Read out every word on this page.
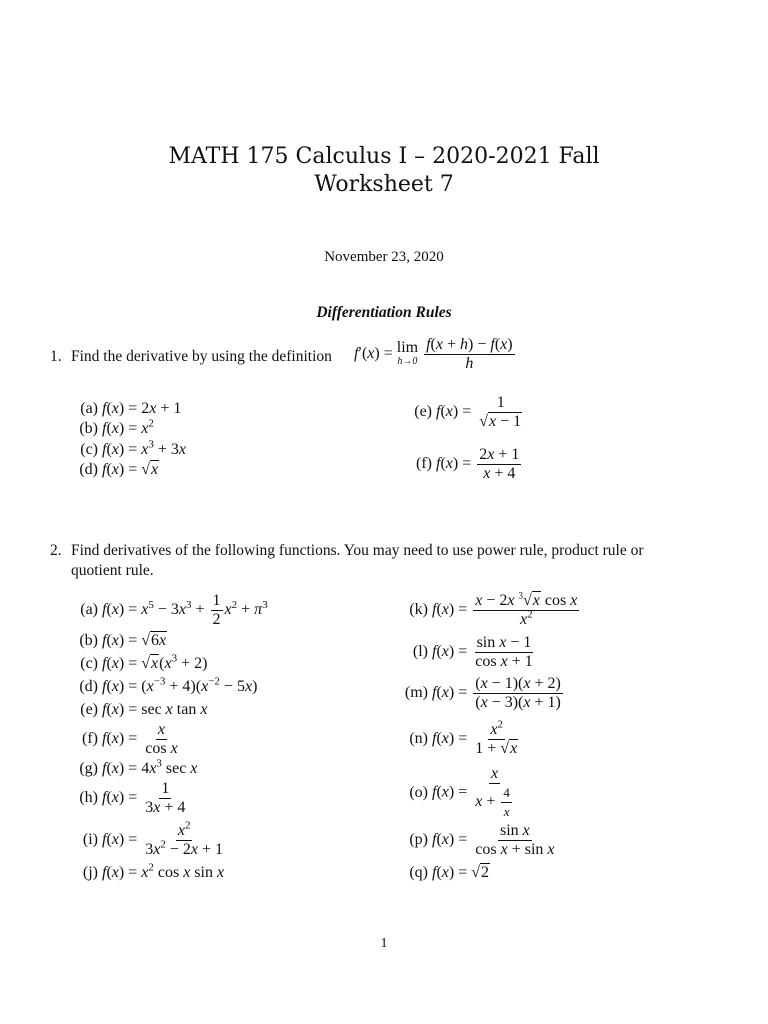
MATH 175 Calculus I – 2020-2021 Fall
Worksheet 7
November 23, 2020
Differentiation Rules
1. Find the derivative by using the definition f′(x) = lim
h→0
$\frac{f(x + h) - f(x)}{h}$
(a) f(x) = 2x + 1
(b) $f(x) = x^2$
(c) $f(x) = x^3 + 3x$
(d) f(x) = √x
(e) $f(x) = \frac{1}{√x - 1}$
(f) $f(x) = \frac{2x + 1}{x + 4}$
2. Find derivatives of the following functions. You may need to use power rule, product rule or
quotient rule.
(a) $f(x) = x^5 - 3x^3 + \frac{1}{2} x^2 + \pi^3$
(b) f(x) = √6x
(c) $f(x) = √x(x^3 + 2)$
(d) $f(x) = (x^{-3} + 4)(x^{-2} - 5x)$
(e) f(x) = sec x tan x
(f) $f(x) = \frac{x}{\text{cos x}}$
(g) $f(x) = 4x^3$ sec x
(h) $f(x) = \frac{1}{3x + 4}$
(i) $f(x) = \frac{x^2}{3x^2 - 2x + 1}$
(j) $f(x) = x^2$ cos x sin x
(k) $f(x) = \frac{x - 2x ^3√x \cos x}{x^2}$
(l) $f(x) = \frac{\text{sin x − 1}}{\text{cos x + 1}}$
(m) $f(x) = \frac{(x - 1)(x + 2)}{(x - 3)(x + 1)}$
(n) $f(x) = \frac{x^2}{1 + √x}$
(o) $f(x) = \frac{x}{x + \frac{4}{x}}$
(p) $f(x) = \frac{\text{sin x}}{\text{cos x + sin x}}$
(q) f(x) = √2
1
